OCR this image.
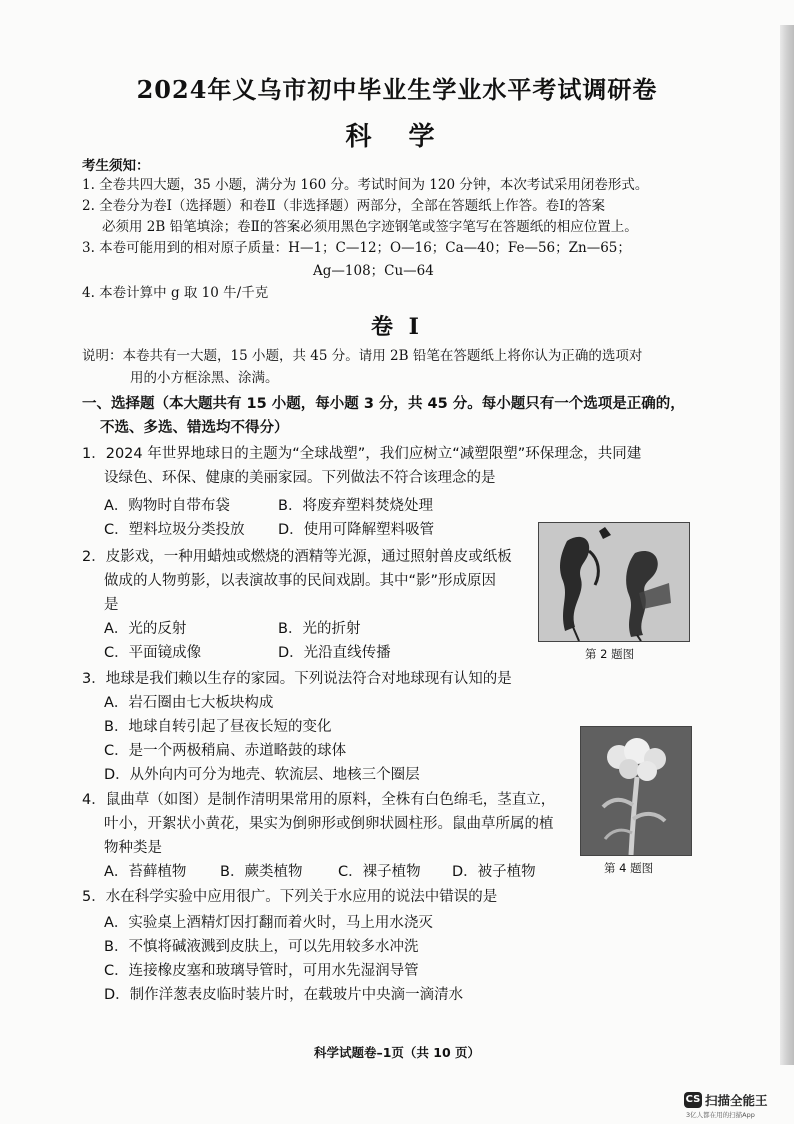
2024年义乌市初中毕业生学业水平考试调研卷
科 学
考生须知：
1. 全卷共四大题，35 小题，满分为 160 分。考试时间为 120 分钟，本次考试采用闭卷形式。
2. 全卷分为卷Ⅰ（选择题）和卷Ⅱ（非选择题）两部分，全部在答题纸上作答。卷Ⅰ的答案
必须用 2B 铅笔填涂；卷Ⅱ的答案必须用黑色字迹钢笔或签字笔写在答题纸的相应位置上。
3. 本卷可能用到的相对原子质量：H—1；C—12；O—16；Ca—40；Fe—56；Zn—65；
Ag—108；Cu—64
4. 本卷计算中 g 取 10 牛/千克
卷 Ⅰ
说明：本卷共有一大题，15 小题，共 45 分。请用 2B 铅笔在答题纸上将你认为正确的选项对
用的小方框涂黑、涂满。
一、选择题（本大题共有 15 小题，每小题 3 分，共 45 分。每小题只有一个选项是正确的，
不选、多选、错选均不得分）
1．2024 年世界地球日的主题为“全球战塑”，我们应树立“减塑限塑”环保理念，共同建
设绿色、环保、健康的美丽家园。下列做法不符合该理念的是
A．购物时自带布袋	B．将废弃塑料焚烧处理
C．塑料垃圾分类投放 D．使用可降解塑料吸管
第 2 题图
2．皮影戏，一种用蜡烛或燃烧的酒精等光源，通过照射兽皮或纸板
做成的人物剪影，以表演故事的民间戏剧。其中“影”形成原因
是
A．光的反射	B．光的折射
C．平面镜成像	D．光沿直线传播
3．地球是我们赖以生存的家园。下列说法符合对地球现有认知的是
A．岩石圈由七大板块构成
B．地球自转引起了昼夜长短的变化
C．是一个两极稍扁、赤道略鼓的球体
D．从外向内可分为地壳、软流层、地核三个圈层
第 4 题图
4．鼠曲草（如图）是制作清明果常用的原料，全株有白色绵毛，茎直立，
叶小，开絮状小黄花，果实为倒卵形或倒卵状圆柱形。鼠曲草所属的植
物种类是
A．苔藓植物 B．蕨类植物 C．裸子植物 D．被子植物
5．水在科学实验中应用很广。下列关于水应用的说法中错误的是
A．实验桌上酒精灯因打翻而着火时，马上用水浇灭
B．不慎将碱液溅到皮肤上，可以先用较多水冲洗
C．连接橡皮塞和玻璃导管时，可用水先湿润导管
D．制作洋葱表皮临时装片时，在载玻片中央滴一滴清水
科学试题卷–1页（共 10 页）
CS 扫描全能王
3亿人都在用的扫描App
